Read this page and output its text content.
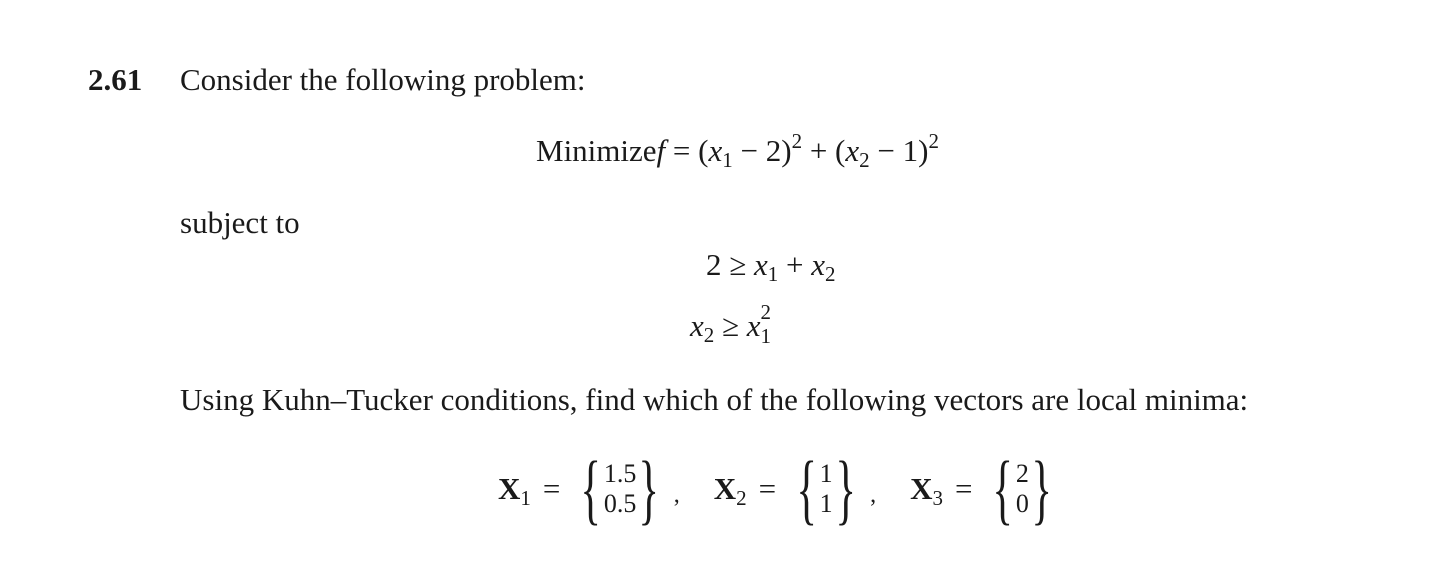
2.61 Consider the following problem:
Minimizef = $(x_1 - 2)^2 + (x_2 - 1)^2$
subject to
$2 \ge x_1 + x_2$
$x_2 \ge x$ 2
1
Using Kuhn–Tucker conditions, find which of the following vectors are local minima:
$X_1$ = { 1.5
0.5 } , $X_2$ = { 1
1 } , $X_3$ = { 2
0 }
